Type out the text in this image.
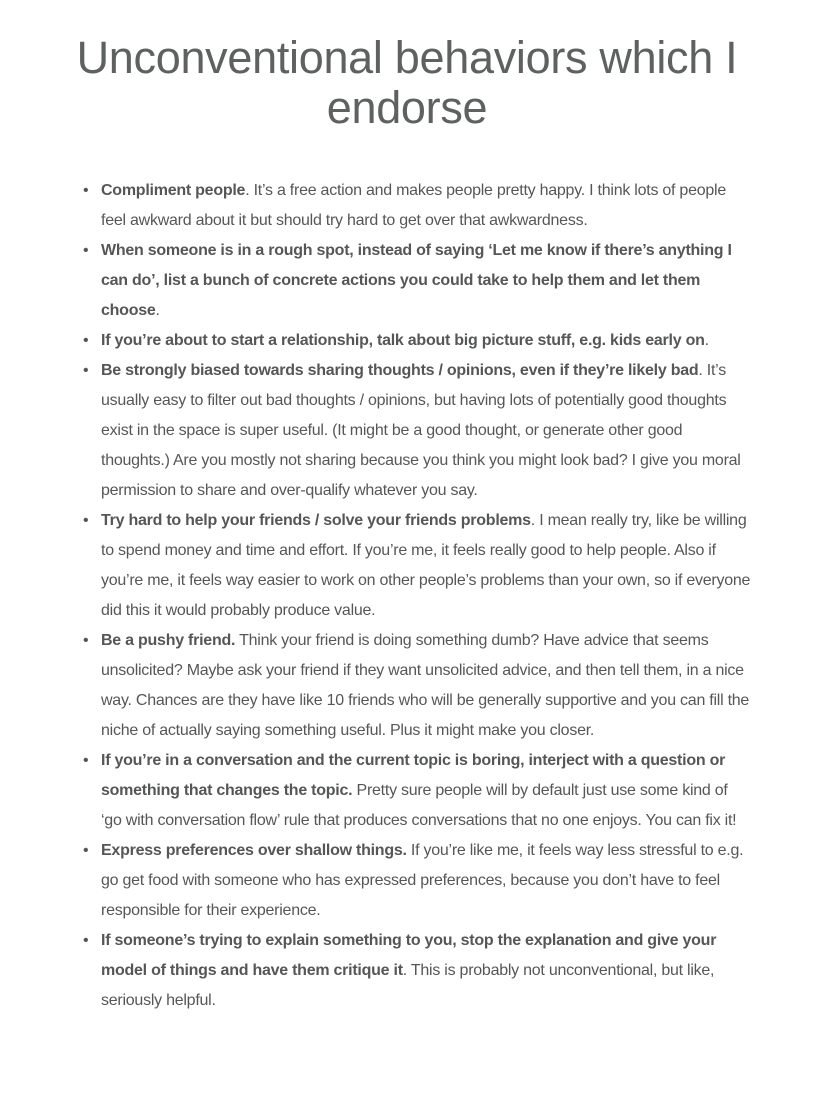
Unconventional behaviors which I endorse
• Compliment people. It’s a free action and makes people pretty happy. I think lots of people feel awkward about it but should try hard to get over that awkwardness.
• When someone is in a rough spot, instead of saying ‘Let me know if there’s anything I can do’, list a bunch of concrete actions you could take to help them and let them choose.
• If you’re about to start a relationship, talk about big picture stuff, e.g. kids early on.
• Be strongly biased towards sharing thoughts / opinions, even if they’re likely bad. It’s usually easy to filter out bad thoughts / opinions, but having lots of potentially good thoughts exist in the space is super useful. (It might be a good thought, or generate other good thoughts.) Are you mostly not sharing because you think you might look bad? I give you moral permission to share and over-qualify whatever you say.
• Try hard to help your friends / solve your friends problems. I mean really try, like be willing to spend money and time and effort. If you’re me, it feels really good to help people. Also if you’re me, it feels way easier to work on other people’s problems than your own, so if everyone did this it would probably produce value.
• Be a pushy friend. Think your friend is doing something dumb? Have advice that seems unsolicited? Maybe ask your friend if they want unsolicited advice, and then tell them, in a nice way. Chances are they have like 10 friends who will be generally supportive and you can fill the niche of actually saying something useful. Plus it might make you closer.
• If you’re in a conversation and the current topic is boring, interject with a question or something that changes the topic. Pretty sure people will by default just use some kind of ‘go with conversation flow’ rule that produces conversations that no one enjoys. You can fix it!
• Express preferences over shallow things. If you’re like me, it feels way less stressful to e.g. go get food with someone who has expressed preferences, because you don’t have to feel responsible for their experience.
• If someone’s trying to explain something to you, stop the explanation and give your model of things and have them critique it. This is probably not unconventional, but like, seriously helpful.
